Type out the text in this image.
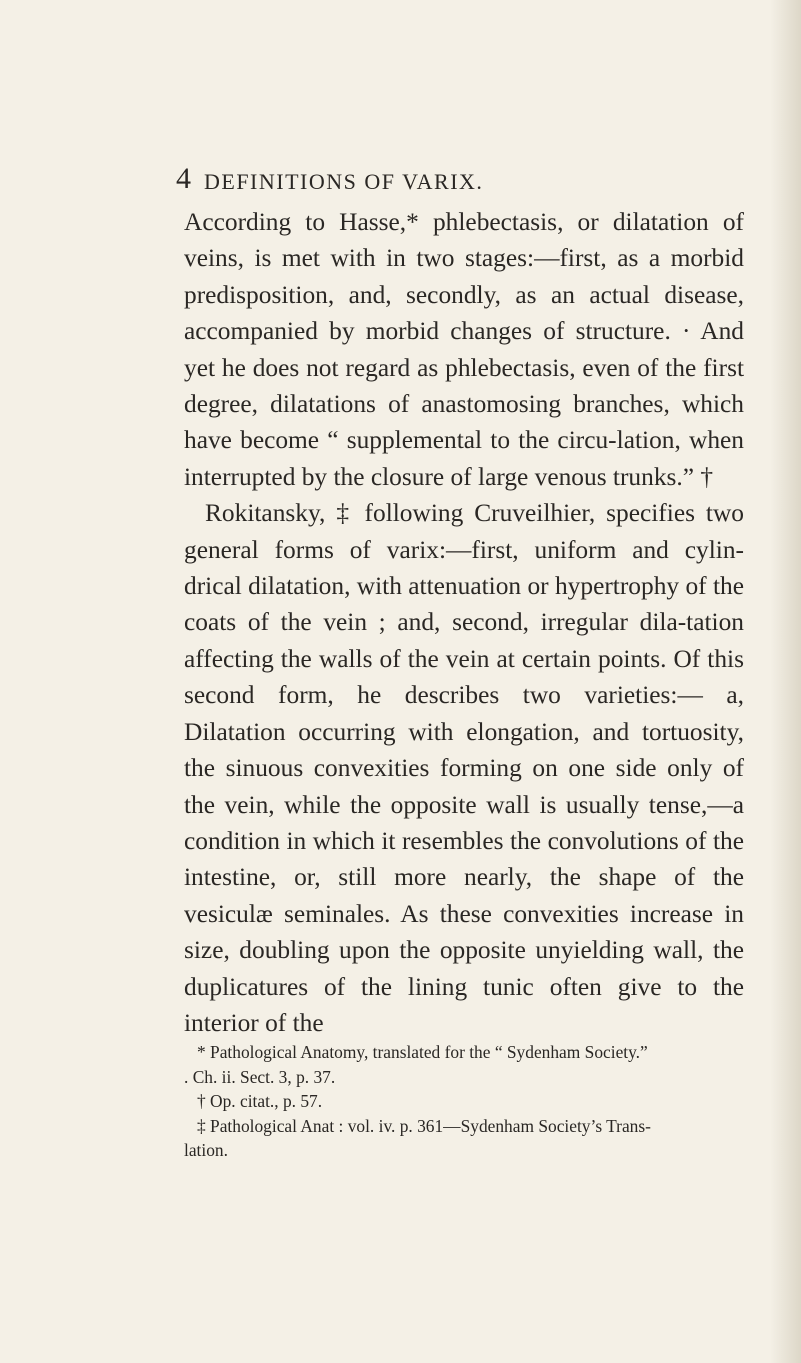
4 DEFINITIONS OF VARIX.

According to Hasse,* phlebectasis, or dilatation of veins, is met with in two stages:—first, as a morbid predisposition, and, secondly, as an actual disease, accompanied by morbid changes of structure. · And yet he does not regard as phlebectasis, even of the first degree, dilatations of anastomosing branches, which have become “ supplemental to the circu-lation, when interrupted by the closure of large venous trunks.” †

Rokitansky, ‡ following Cruveilhier, specifies two general forms of varix:—first, uniform and cylin-drical dilatation, with attenuation or hypertrophy of the coats of the vein ; and, second, irregular dila-tation affecting the walls of the vein at certain points. Of this second form, he describes two varieties:— a, Dilatation occurring with elongation, and tortuosity, the sinuous convexities forming on one side only of the vein, while the opposite wall is usually tense,—a condition in which it resembles the convolutions of the intestine, or, still more nearly, the shape of the vesiculæ seminales. As these convexities increase in size, doubling upon the opposite unyielding wall, the duplicatures of the lining tunic often give to the interior of the

* Pathological Anatomy, translated for the “ Sydenham Society.”

. Ch. ii. Sect. 3, p. 37.

† Op. citat., p. 57.

‡ Pathological Anat : vol. iv. p. 361—Sydenham Society’s Trans-

lation.
